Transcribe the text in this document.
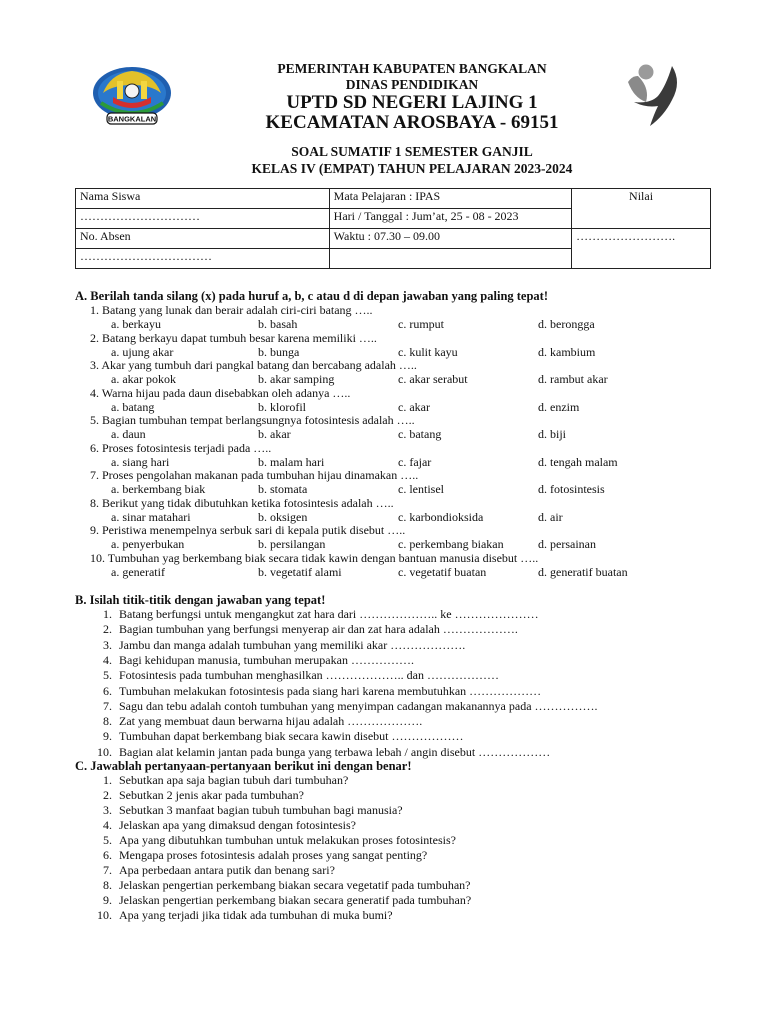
BANGKALAN
PEMERINTAH KABUPATEN BANGKALAN
DINAS PENDIDIKAN
UPTD SD NEGERI LAJING 1
KECAMATAN AROSBAYA - 69151
SOAL SUMATIF 1 SEMESTER GANJIL
KELAS IV (EMPAT) TAHUN PELAJARAN 2023-2024
Nama Siswa	Mata Pelajaran : IPAS	Nilai
…………………………	Hari / Tanggal : Jum’at, 25 - 08 - 2023	
No. Absen	Waktu : 07.30 – 09.00	…………………….
……………………………		
A. Berilah tanda silang (x) pada huruf a, b, c atau d di depan jawaban yang paling tepat!
1. Batang yang lunak dan berair adalah ciri-ciri batang …..
a. berkayu	b. basah	c. rumput	d. berongga
2. Batang berkayu dapat tumbuh besar karena memiliki …..
a. ujung akar	b. bunga	c. kulit kayu	d. kambium
3. Akar yang tumbuh dari pangkal batang dan bercabang adalah …..
a. akar pokok	b. akar samping	c. akar serabut	d. rambut akar
4. Warna hijau pada daun disebabkan oleh adanya …..
a. batang	b. klorofil	c. akar	d. enzim
5. Bagian tumbuhan tempat berlangsungnya fotosintesis adalah …..
a. daun	b. akar	c. batang	d. biji
6. Proses fotosintesis terjadi pada …..
a. siang hari	b. malam hari	c. fajar	d. tengah malam
7. Proses pengolahan makanan pada tumbuhan hijau dinamakan …..
a. berkembang biak	b. stomata	c. lentisel	d. fotosintesis
8. Berikut yang tidak dibutuhkan ketika fotosintesis adalah …..
a. sinar matahari	b. oksigen	c. karbondioksida	d. air
9. Peristiwa menempelnya serbuk sari di kepala putik disebut …..
a. penyerbukan	b. persilangan	c. perkembang biakan	d. persainan
10. Tumbuhan yag berkembang biak secara tidak kawin dengan bantuan manusia disebut …..
a. generatif	b. vegetatif alami	c. vegetatif buatan	d. generatif buatan
B. Isilah titik-titik dengan jawaban yang tepat!
1. Batang berfungsi untuk mengangkut zat hara dari ……………….. ke …………………
2. Bagian tumbuhan yang berfungsi menyerap air dan zat hara adalah ……………….
3. Jambu dan manga adalah tumbuhan yang memiliki akar ……………….
4. Bagi kehidupan manusia, tumbuhan merupakan …………….
5. Fotosintesis pada tumbuhan menghasilkan ……………….. dan ………………
6. Tumbuhan melakukan fotosintesis pada siang hari karena membutuhkan ………………
7. Sagu dan tebu adalah contoh tumbuhan yang menyimpan cadangan makanannya pada …………….
8. Zat yang membuat daun berwarna hijau adalah ……………….
9. Tumbuhan dapat berkembang biak secara kawin disebut ………………
10. Bagian alat kelamin jantan pada bunga yang terbawa lebah / angin disebut ………………
C. Jawablah pertanyaan-pertanyaan berikut ini dengan benar!
1. Sebutkan apa saja bagian tubuh dari tumbuhan?
2. Sebutkan 2 jenis akar pada tumbuhan?
3. Sebutkan 3 manfaat bagian tubuh tumbuhan bagi manusia?
4. Jelaskan apa yang dimaksud dengan fotosintesis?
5. Apa yang dibutuhkan tumbuhan untuk melakukan proses fotosintesis?
6. Mengapa proses fotosintesis adalah proses yang sangat penting?
7. Apa perbedaan antara putik dan benang sari?
8. Jelaskan pengertian perkembang biakan secara vegetatif pada tumbuhan?
9. Jelaskan pengertian perkembang biakan secara generatif pada tumbuhan?
10. Apa yang terjadi jika tidak ada tumbuhan di muka bumi?
